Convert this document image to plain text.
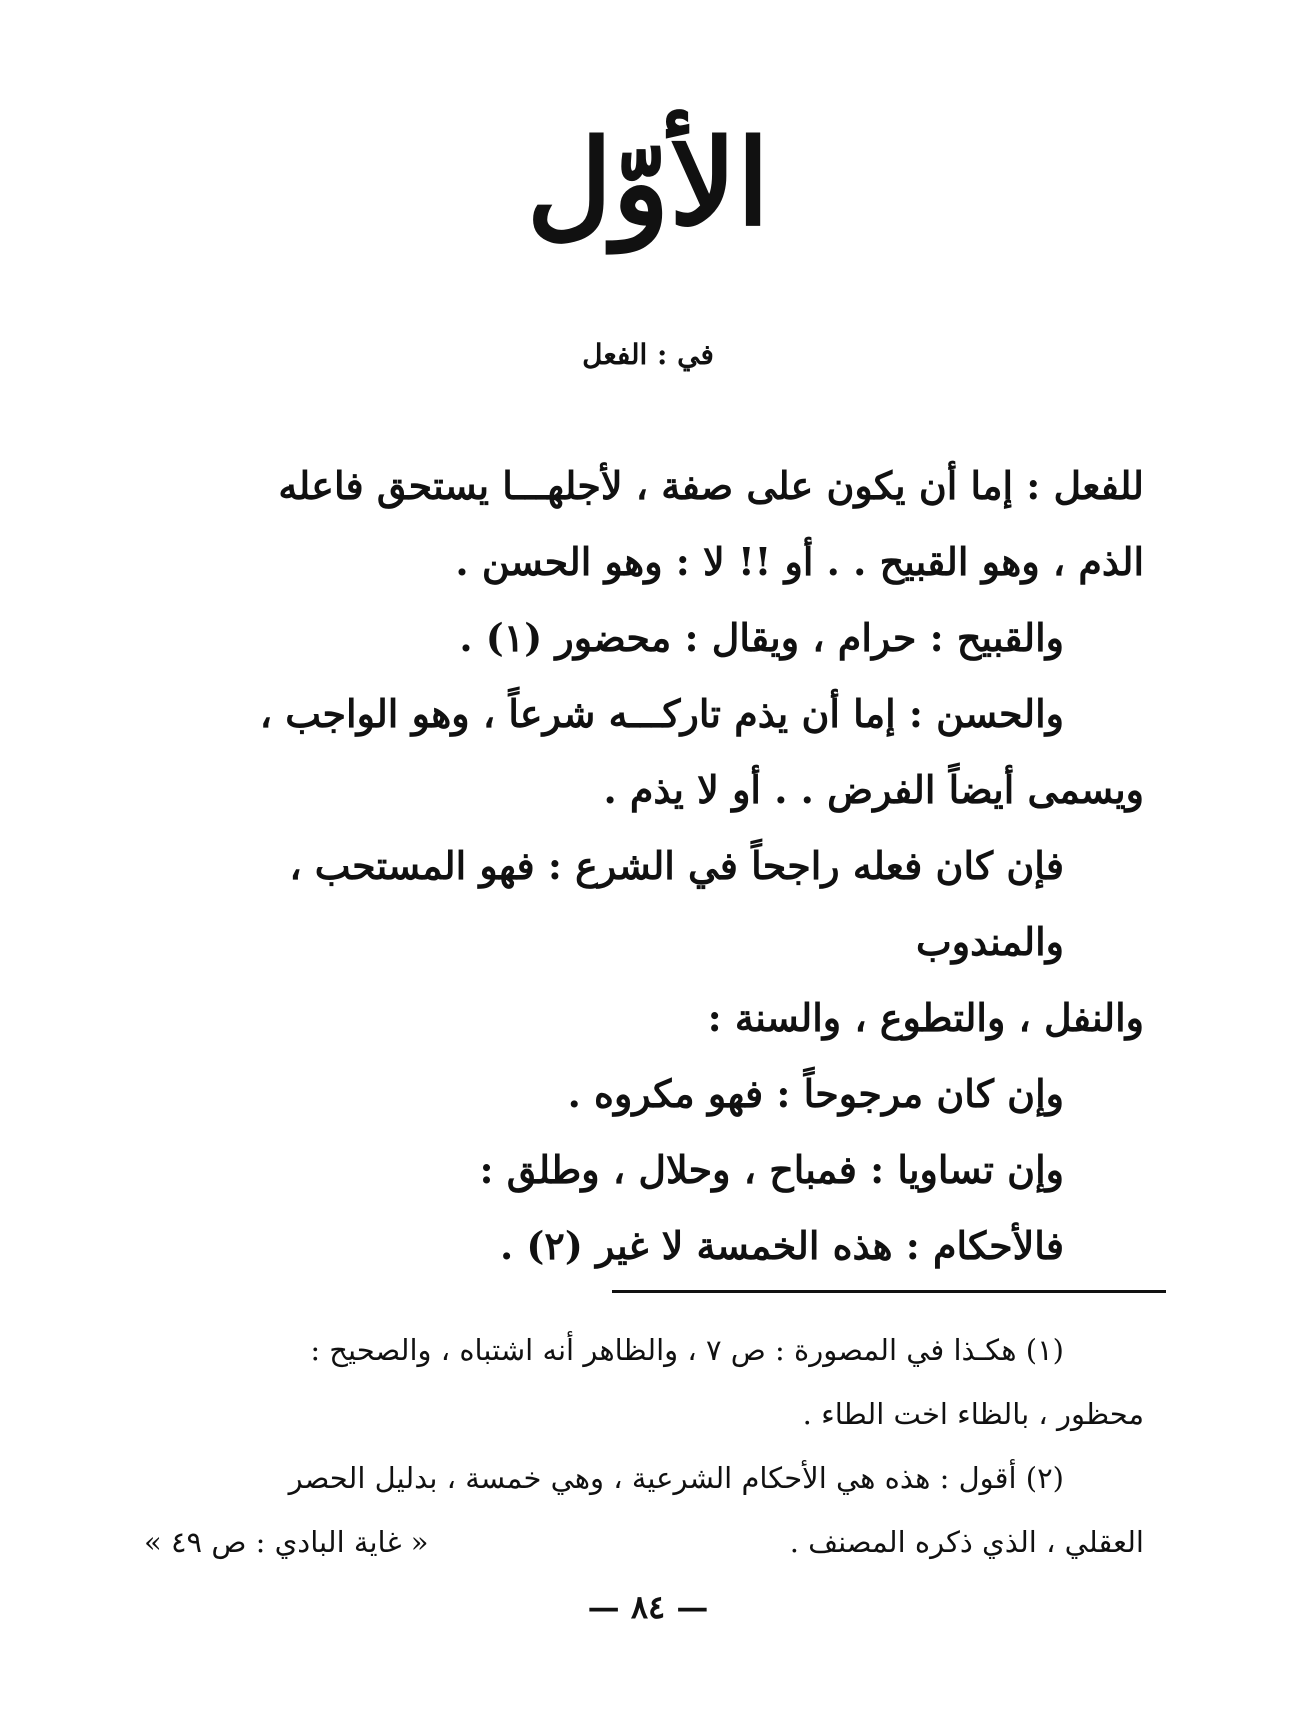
الأوّل
في : الفعل

للفعل : إما أن يكون على صفة ، لأجلهـــا يستحق فاعله

الذم ، وهو القبيح . . أو !! لا : وهو الحسن .

والقبيح : حرام ، ويقال : محضور (١) .

والحسن : إما أن يذم تاركـــه شرعاً ، وهو الواجب ،

ويسمى أيضاً الفرض . . أو لا يذم .

فإن كان فعله راجحاً في الشرع : فهو المستحب ، والمندوب

والنفل ، والتطوع ، والسنة :

وإن كان مرجوحاً : فهو مكروه .

وإن تساويا : فمباح ، وحلال ، وطلق :

فالأحكام : هذه الخمسة لا غير (٢) .

(١) هكـذا في المصورة : ص ٧ ، والظاهر أنه اشتباه ، والصحيح :

محظور ، بالظاء اخت الطاء .

(٢) أقول : هذه هي الأحكام الشرعية ، وهي خمسة ، بدليل الحصر

العقلي ، الذي ذكره المصنف .
« غاية البادي : ص ٤٩ »
— ٨٤ —
